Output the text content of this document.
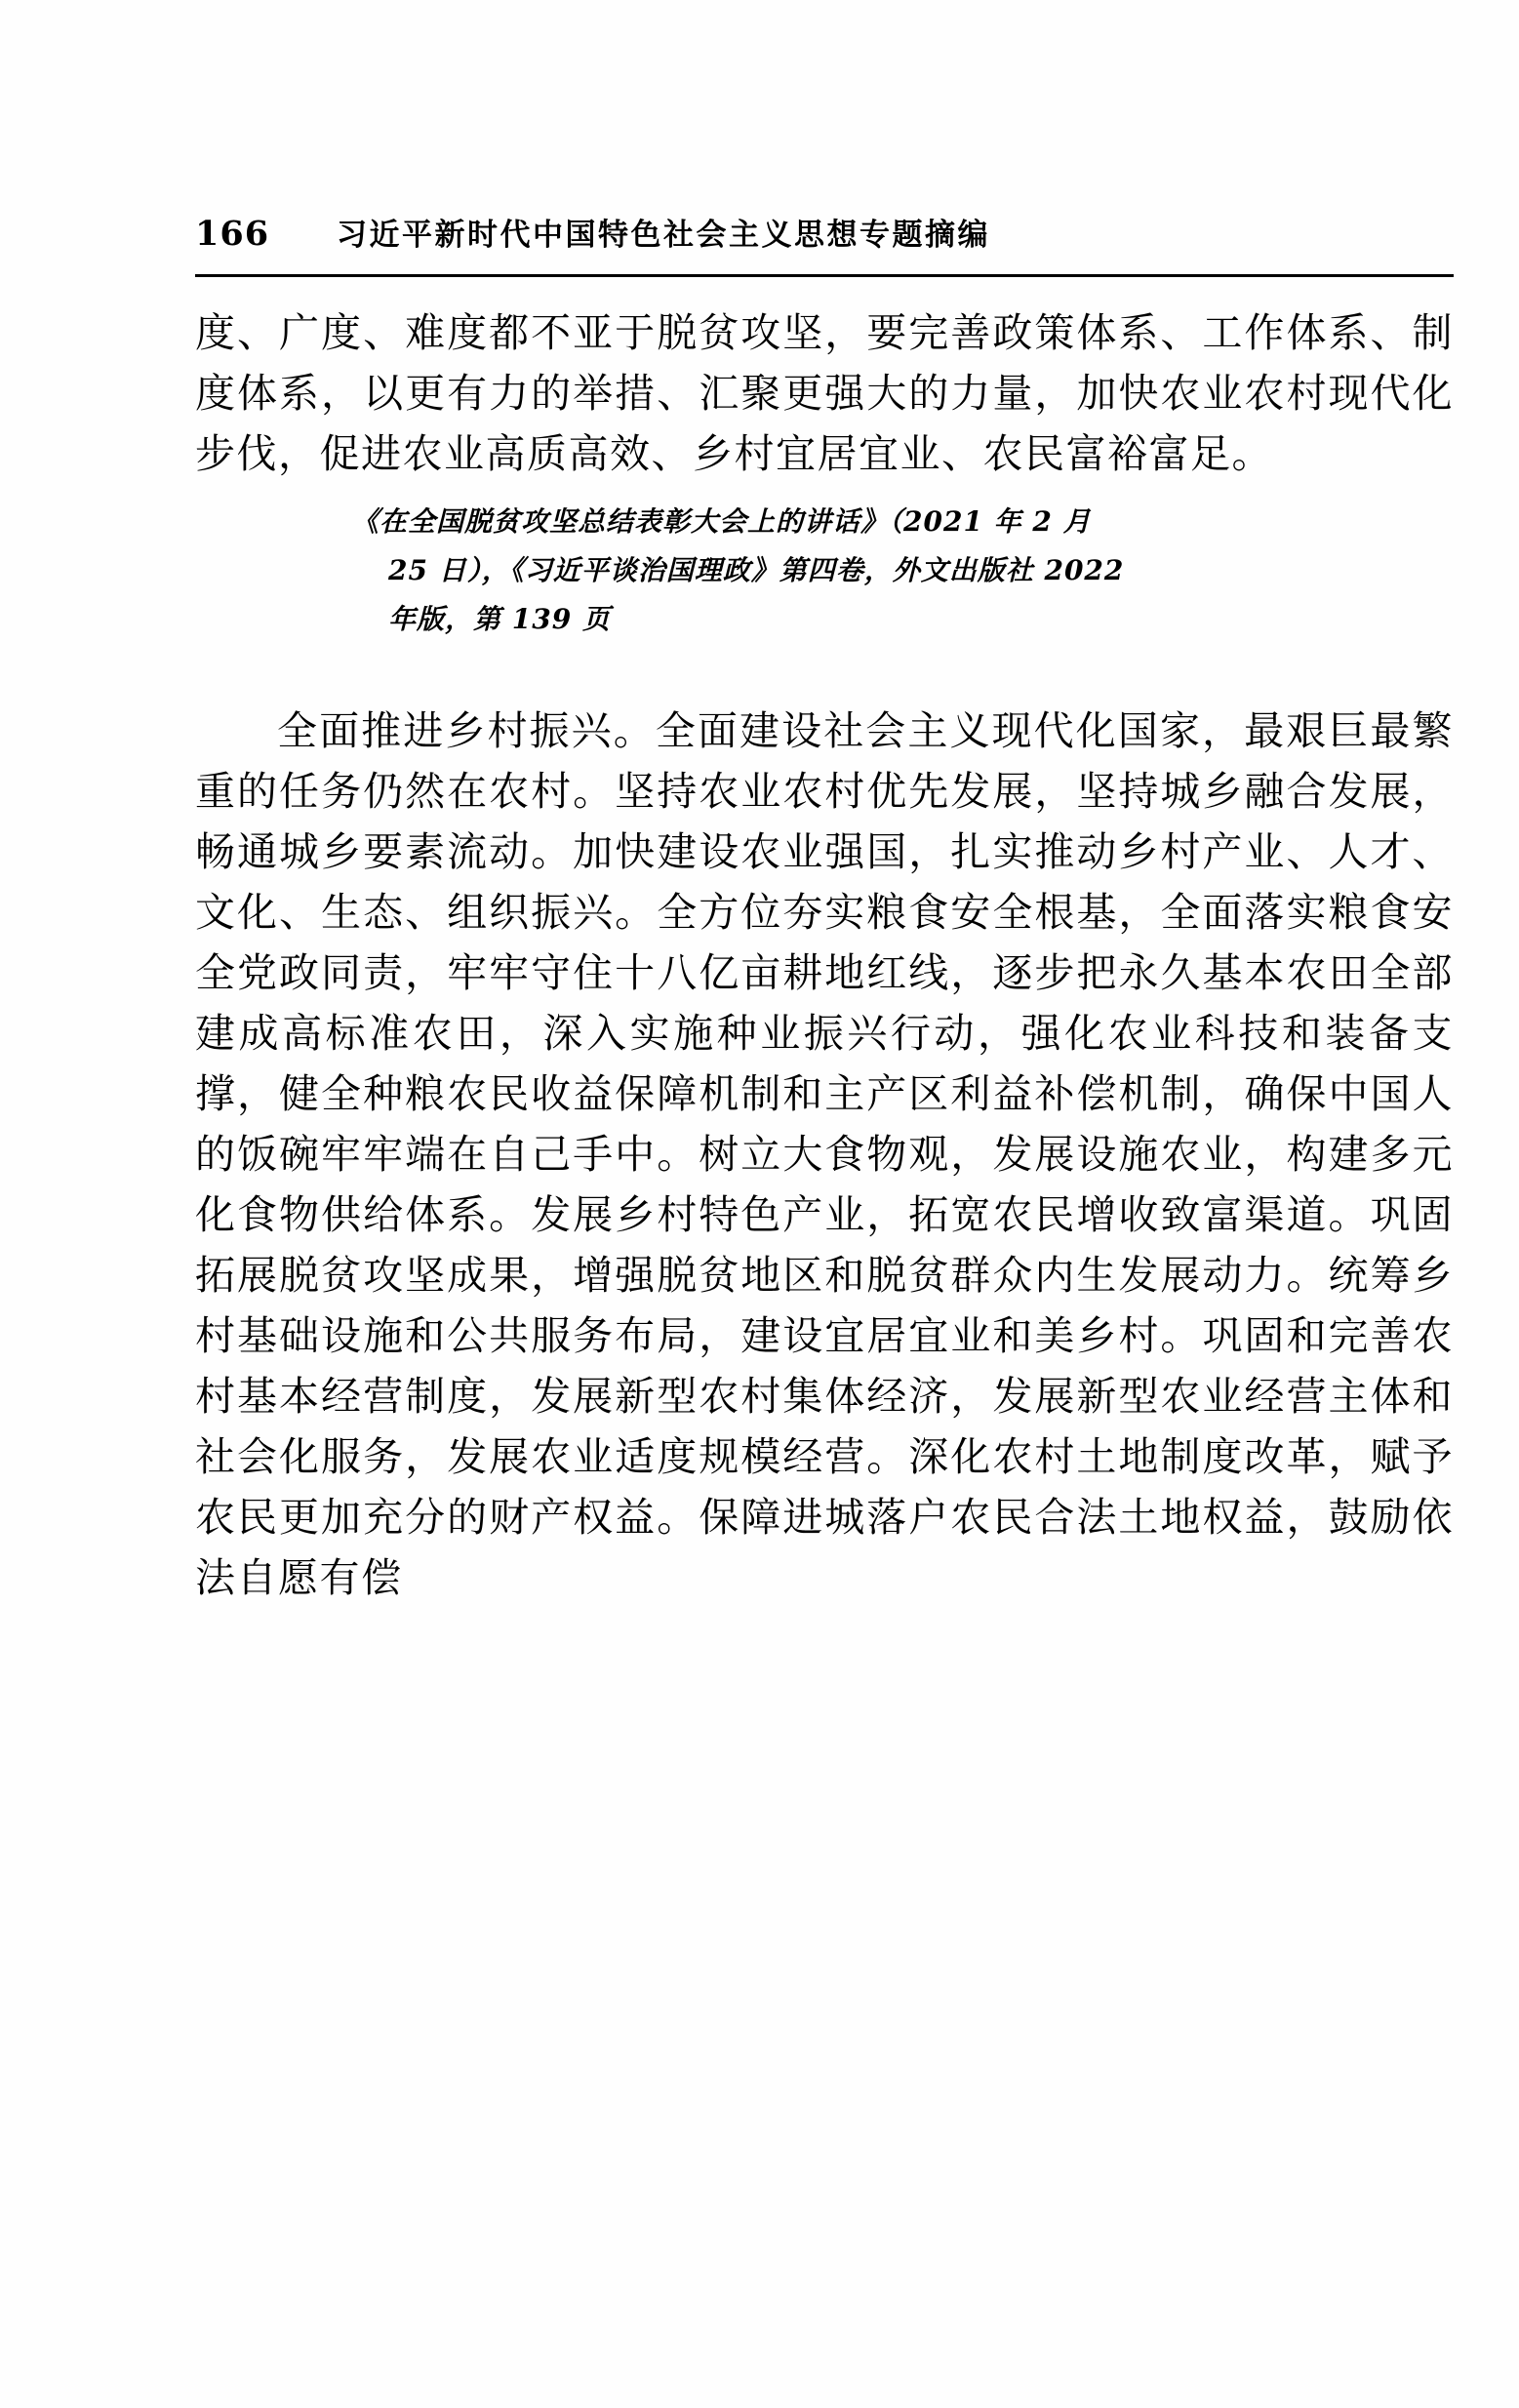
166	习近平新时代中国特色社会主义思想专题摘编

度、广度、难度都不亚于脱贫攻坚，要完善政策体系、工作体系、制度体系，以更有力的举措、汇聚更强大的力量，加快农业农村现代化步伐，促进农业高质高效、乡村宜居宜业、农民富裕富足。

《在全国脱贫攻坚总结表彰大会上的讲话》（2021 年 2 月
25 日），《习近平谈治国理政》第四卷，外文出版社 2022
年版，第 139 页

全面推进乡村振兴。全面建设社会主义现代化国家，最艰巨最繁重的任务仍然在农村。坚持农业农村优先发展，坚持城乡融合发展，畅通城乡要素流动。加快建设农业强国，扎实推动乡村产业、人才、文化、生态、组织振兴。全方位夯实粮食安全根基，全面落实粮食安全党政同责，牢牢守住十八亿亩耕地红线，逐步把永久基本农田全部建成高标准农田，深入实施种业振兴行动，强化农业科技和装备支撑，健全种粮农民收益保障机制和主产区利益补偿机制，确保中国人的饭碗牢牢端在自己手中。树立大食物观，发展设施农业，构建多元化食物供给体系。发展乡村特色产业，拓宽农民增收致富渠道。巩固拓展脱贫攻坚成果，增强脱贫地区和脱贫群众内生发展动力。统筹乡村基础设施和公共服务布局，建设宜居宜业和美乡村。巩固和完善农村基本经营制度，发展新型农村集体经济，发展新型农业经营主体和社会化服务，发展农业适度规模经营。深化农村土地制度改革，赋予农民更加充分的财产权益。保障进城落户农民合法土地权益，鼓励依法自愿有偿
